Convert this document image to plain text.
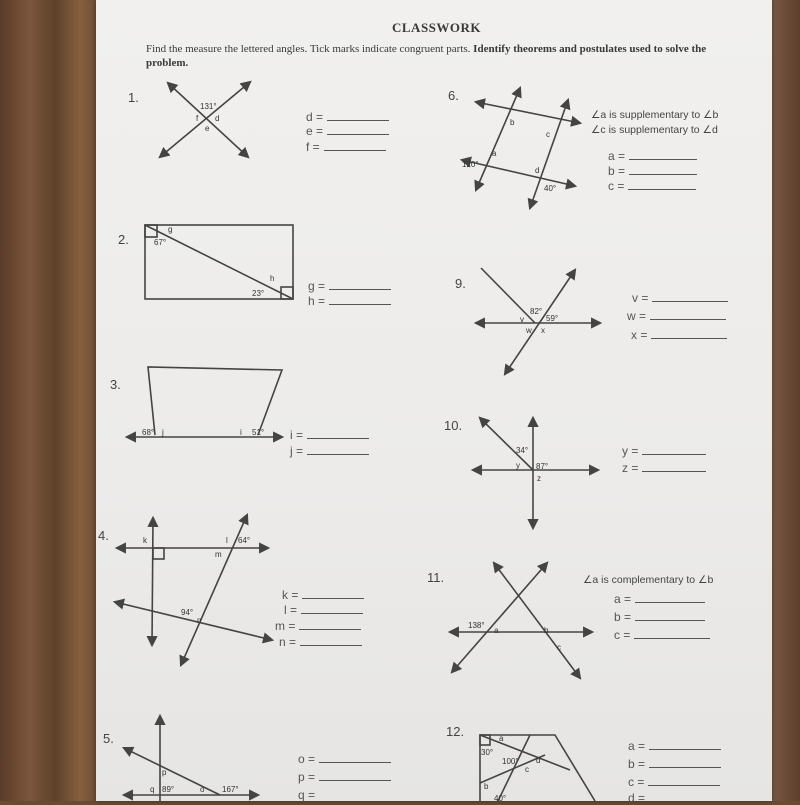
CLASSWORK
Find the measure the lettered angles. Tick marks indicate congruent parts. Identify theorems and postulates used to solve the problem.
1.
131°
d
f
e
d =
e =
f =
2.
g
67°
h
23°
g =
h =
3.
68° j	i 51° i =
j =
4.	k	l 64°
m
94°
n
k =
l =
m =
n =
5.
p
q 89°	o 167°
o =
p =
q =
6.
b
c
a
120°
d
40°
∠a is supplementary to ∠b
∠c is supplementary to ∠d
a =
b =
c =
9.
82°
v	59°
w x
v =
w =
x =
10.
34°
y 87°
z
y =
z =
11.
138°
a	b
c
∠a is complementary to ∠b
a =
b =
c =
12.	a
30°
100°
c
d
b
40°
a =
b =
c =
d =
